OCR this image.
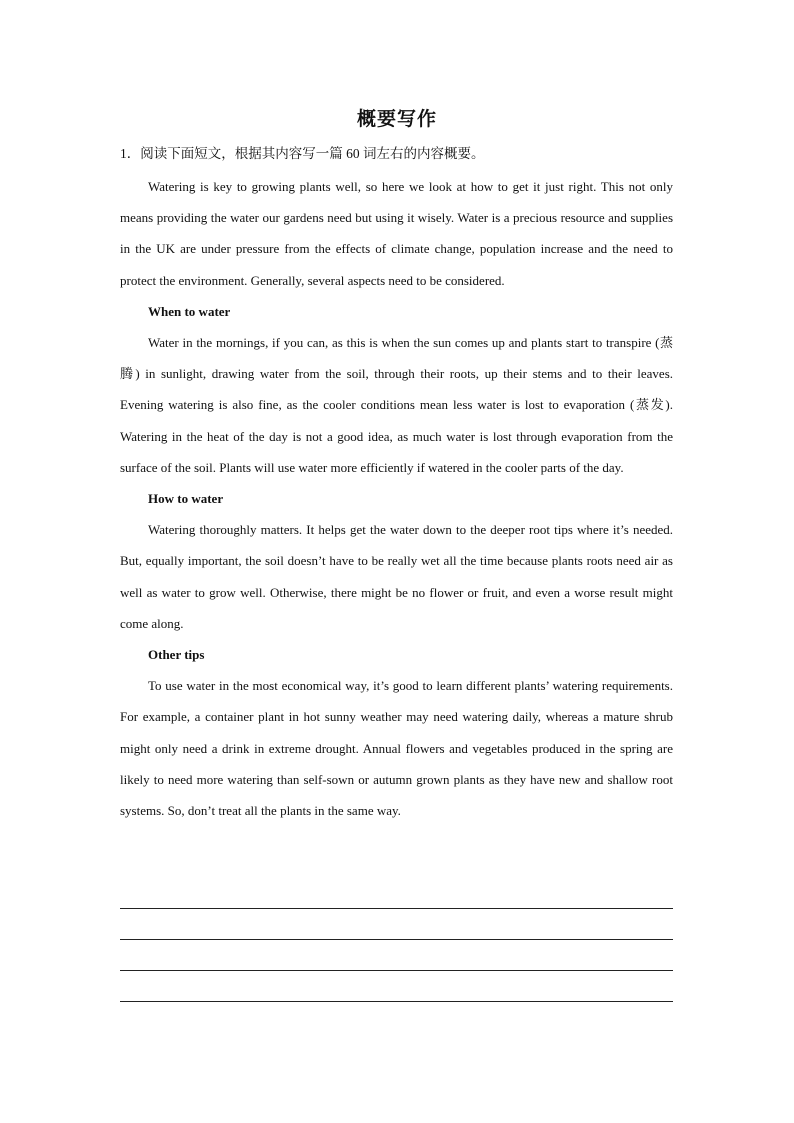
概要写作
1．阅读下面短文，根据其内容写一篇 60 词左右的内容概要。

Watering is key to growing plants well, so here we look at how to get it just right. This not only means providing the water our gardens need but using it wisely. Water is a precious resource and supplies in the UK are under pressure from the effects of climate change, population increase and the need to protect the environment. Generally, several aspects need to be considered.

When to water

Water in the mornings, if you can, as this is when the sun comes up and plants start to transpire (蒸腾) in sunlight, drawing water from the soil, through their roots, up their stems and to their leaves. Evening watering is also fine, as the cooler conditions mean less water is lost to evaporation (蒸发). Watering in the heat of the day is not a good idea, as much water is lost through evaporation from the surface of the soil. Plants will use water more efficiently if watered in the cooler parts of the day.

How to water

Watering thoroughly matters. It helps get the water down to the deeper root tips where it’s needed. But, equally important, the soil doesn’t have to be really wet all the time because plants roots need air as well as water to grow well. Otherwise, there might be no flower or fruit, and even a worse result might come along.

Other tips

To use water in the most economical way, it’s good to learn different plants’ watering requirements. For example, a container plant in hot sunny weather may need watering daily, whereas a mature shrub might only need a drink in extreme drought. Annual flowers and vegetables produced in the spring are likely to need more watering than self-sown or autumn grown plants as they have new and shallow root systems. So, don’t treat all the plants in the same way.
